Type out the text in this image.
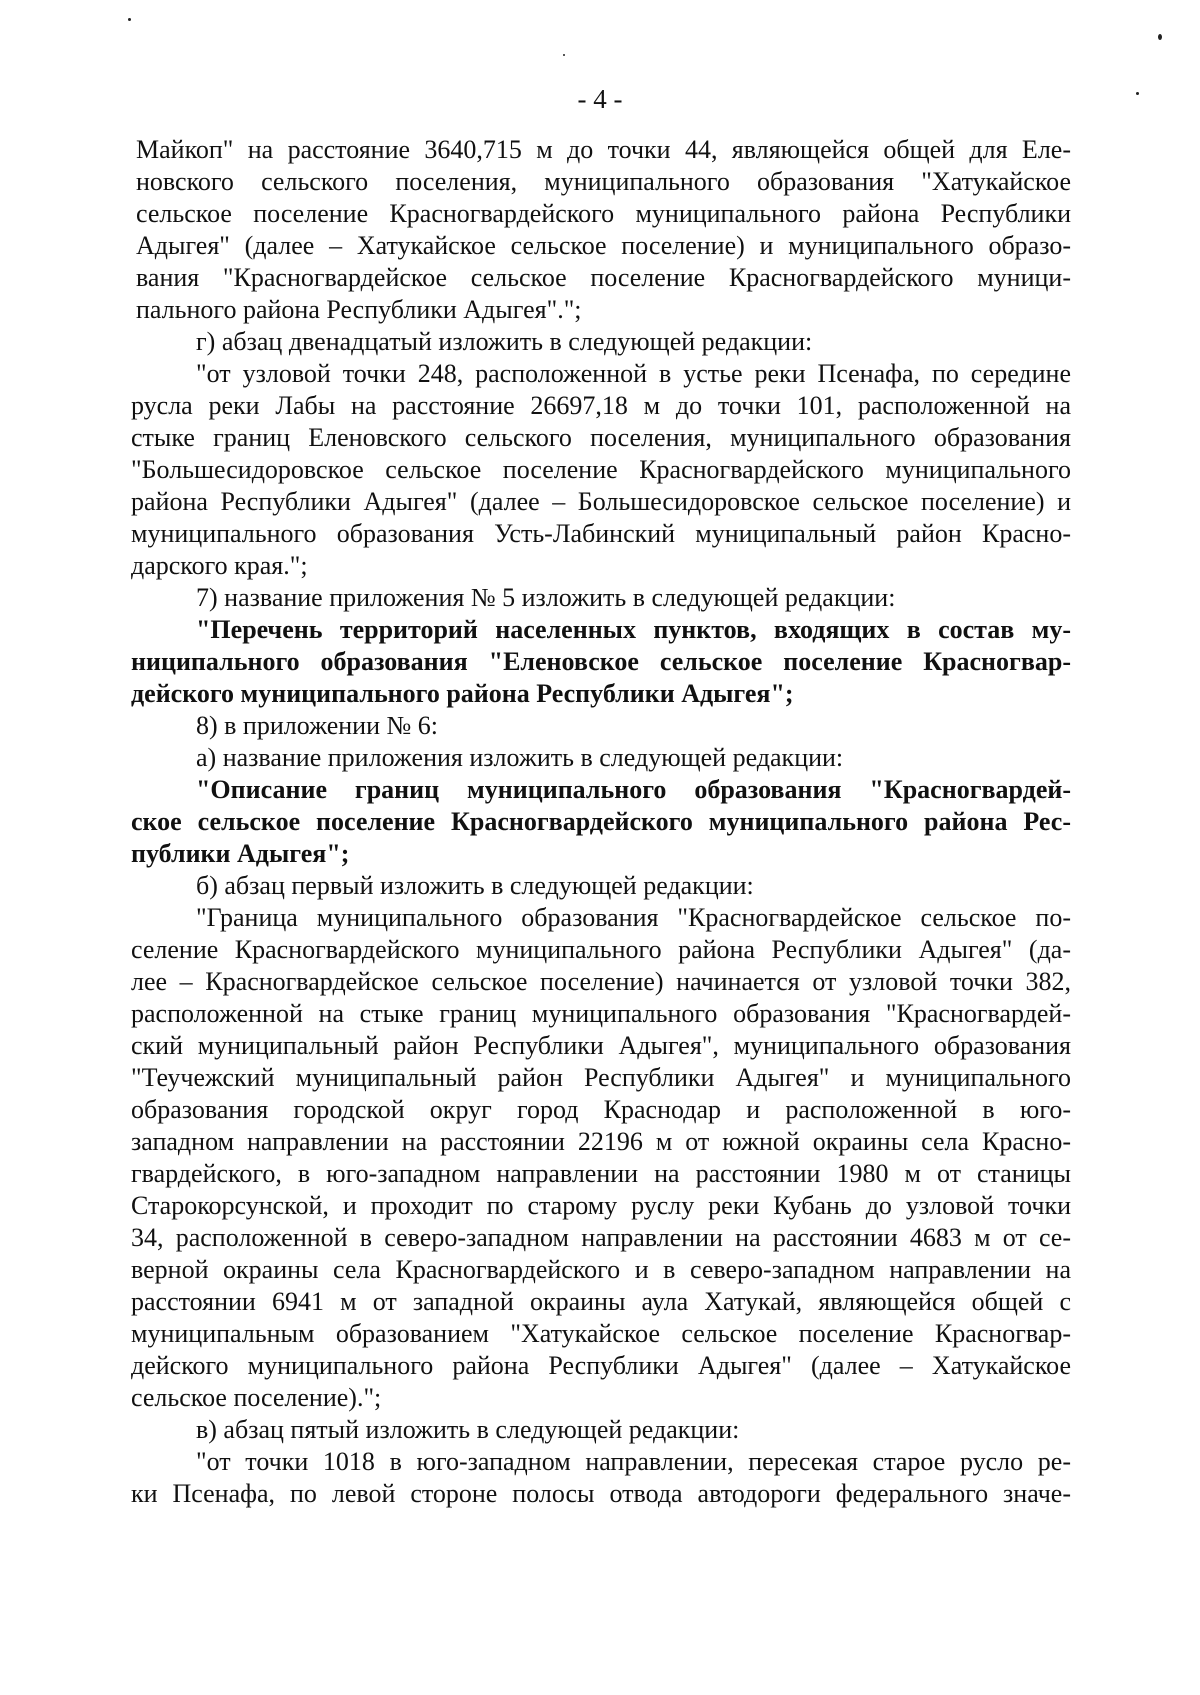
- 4 -

Майкоп" на расстояние 3640,715 м до точки 44, являющейся общей для Еле-
новского сельского поселения, муниципального образования "Хатукайское
сельское поселение Красногвардейского муниципального района Республики
Адыгея" (далее – Хатукайское сельское поселение) и муниципального образо-
вания "Красногвардейское сельское поселение Красногвардейского муници-
пального района Республики Адыгея".";

г) абзац двенадцатый изложить в следующей редакции:

"от узловой точки 248, расположенной в устье реки Псенафа, по середине
русла реки Лабы на расстояние 26697,18 м до точки 101, расположенной на
стыке границ Еленовского сельского поселения, муниципального образования
"Большесидоровское сельское поселение Красногвардейского муниципального
района Республики Адыгея" (далее – Большесидоровское сельское поселение) и
муниципального образования Усть-Лабинский муниципальный район Красно-
дарского края.";

7) название приложения № 5 изложить в следующей редакции:

"Перечень территорий населенных пунктов, входящих в состав му-
ниципального образования "Еленовское сельское поселение Красногвар-
дейского муниципального района Республики Адыгея";

8) в приложении № 6:

а) название приложения изложить в следующей редакции:

"Описание границ муниципального образования "Красногвардей-
ское сельское поселение Красногвардейского муниципального района Рес-
публики Адыгея";

б) абзац первый изложить в следующей редакции:

"Граница муниципального образования "Красногвардейское сельское по-
селение Красногвардейского муниципального района Республики Адыгея" (да-
лее – Красногвардейское сельское поселение) начинается от узловой точки 382,
расположенной на стыке границ муниципального образования "Красногвардей-
ский муниципальный район Республики Адыгея", муниципального образования
"Теучежский муниципальный район Республики Адыгея" и муниципального
образования городской округ город Краснодар и расположенной в юго-
западном направлении на расстоянии 22196 м от южной окраины села Красно-
гвардейского, в юго-западном направлении на расстоянии 1980 м от станицы
Старокорсунской, и проходит по старому руслу реки Кубань до узловой точки
34, расположенной в северо-западном направлении на расстоянии 4683 м от се-
верной окраины села Красногвардейского и в северо-западном направлении на
расстоянии 6941 м от западной окраины аула Хатукай, являющейся общей с
муниципальным образованием "Хатукайское сельское поселение Красногвар-
дейского муниципального района Республики Адыгея" (далее – Хатукайское
сельское поселение).";

в) абзац пятый изложить в следующей редакции:

"от точки 1018 в юго-западном направлении, пересекая старое русло ре-
ки Псенафа, по левой стороне полосы отвода автодороги федерального значе-
